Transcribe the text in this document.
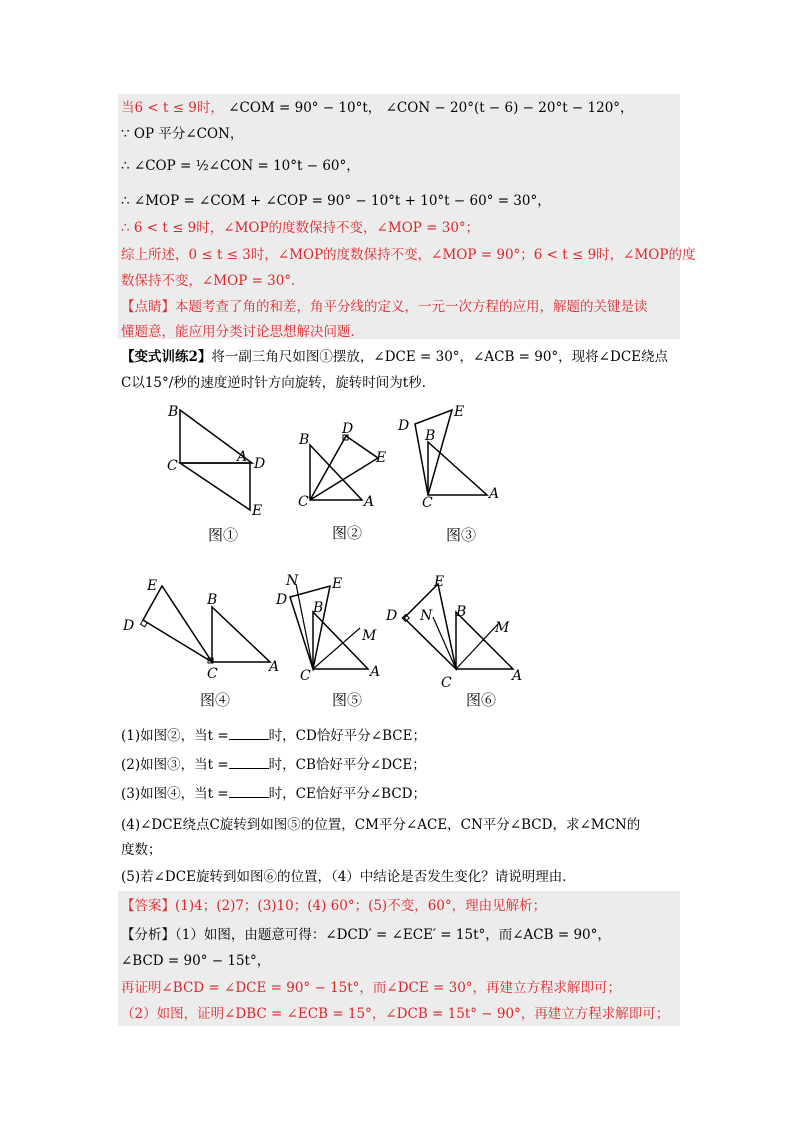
当6 < t ≤ 9时， ∠COM = 90° − 10°t， ∠CON − 20°(t − 6) − 20°t − 120°，
∵ OP 平分∠CON，
∴ ∠COP = ½∠CON = 10°t − 60°，
∴ ∠MOP = ∠COM + ∠COP = 90° − 10°t + 10°t − 60° = 30°，
∴ 6 < t ≤ 9时，∠MOP的度数保持不变，∠MOP = 30°；
综上所述，0 ≤ t ≤ 3时，∠MOP的度数保持不变，∠MOP = 90°；6 < t ≤ 9时，∠MOP的度
数保持不变，∠MOP = 30°．
【点睛】本题考查了角的和差，角平分线的定义，一元一次方程的应用，解题的关键是读
懂题意，能应用分类讨论思想解决问题．
【变式训练2】将一副三角尺如图①摆放，∠DCE = 30°，∠ACB = 90°，现将∠DCE绕点
C以15°/秒的速度逆时针方向旋转，旋转时间为t秒．
B
C
A D
E
图①
B
D
E
C	A
图②
D
E
B
C
A
图③
E
B
D
C	A
图④
N E
D B
M
C	A
图⑤
E
D N B
M
C	A
图⑥
(1)如图②，当t =	时，CD恰好平分∠BCE；
(2)如图③，当t =	时，CB恰好平分∠DCE；
(3)如图④，当t =	时，CE恰好平分∠BCD；
(4)∠DCE绕点C旋转到如图⑤的位置，CM平分∠ACE，CN平分∠BCD，求∠MCN的
度数；
(5)若∠DCE旋转到如图⑥的位置，（4）中结论是否发生变化？请说明理由．
【答案】(1)4；(2)7；(3)10；(4) 60°；(5)不变，60°，理由见解析；
【分析】（1）如图，由题意可得：∠DCD′ = ∠ECE′ = 15t°，而∠ACB = 90°，
∠BCD = 90° − 15t°，
再证明∠BCD = ∠DCE = 90° − 15t°，而∠DCE = 30°，再建立方程求解即可；
（2）如图，证明∠DBC = ∠ECB = 15°，∠DCB = 15t° − 90°，再建立方程求解即可；
